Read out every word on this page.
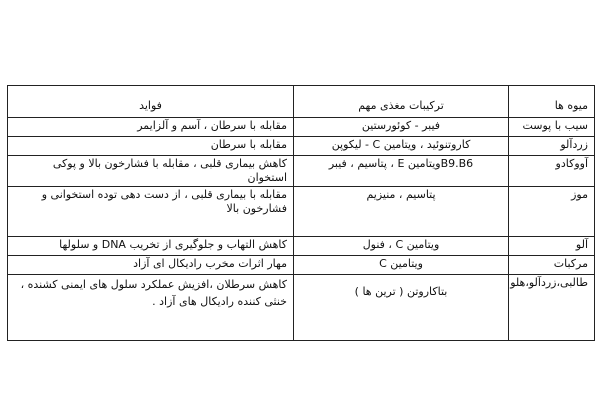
میوه ها	ترکیبات مغذی مهم	فواید
سیب با پوست	فیبر - کوئورستین	مقابله با سرطان ، آسم و آلزایمر
زردآلو	کاروتنوئید ، ویتامین C - لیکوپن	مقابله با سرطان
آووکادو	B9.B6ویتامین E ، پتاسیم ، فیبر	کاهش بیماری قلبی ، مقابله با فشارخون بالا و پوکی استخوان
موز	پتاسیم ، منیزیم	مقابله با بیماری قلبی ، از دست دهی توده استخوانی و فشارخون بالا
آلو	ویتامین C ، فنول	کاهش التهاب و جلوگیری از تخریب DNA و سلولها
مرکبات	ویتامین C	مهار اثرات مخرب رادیکال ای آزاد
طالبی،زردآلو،هلو	بتاکاروتن ( ترین ها )	کاهش سرطلان ،افزیش عملکرد سلول های ایمنی کشنده ، خنثی کننده رادیکال های آزاد .
